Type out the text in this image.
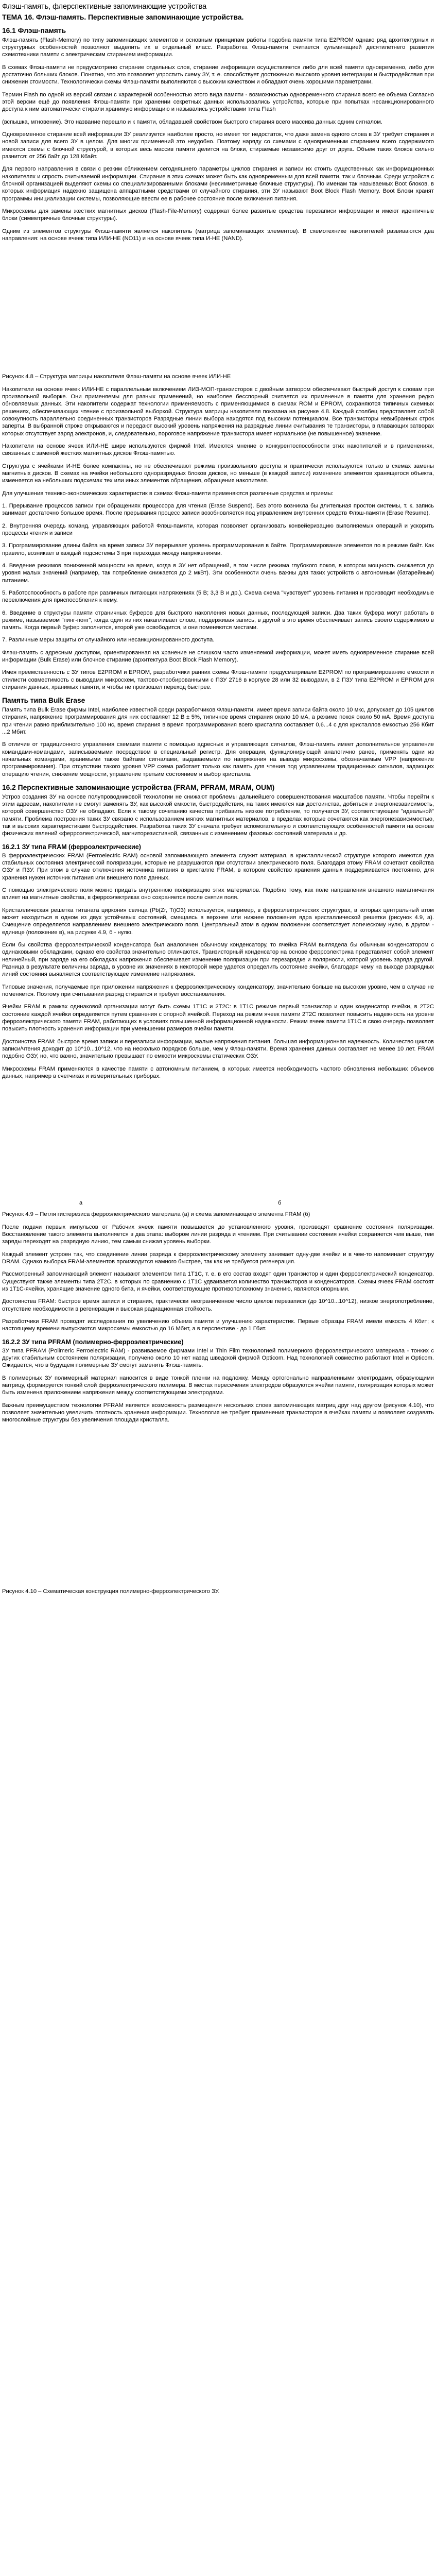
Флэш-память, флерспективные запоминающие устройства
ТЕМА 16. Флэш-память. Перспективные запоминающие устройства.
16.1 Флэш-память

Флэш-память (Flash-Memory) по типу запоминающих элементов и основным принципам работы подобна памяти типа E2PROM однако ряд архитектурных и структурных особенностей позволяют выделить их в отдельный класс. Разработка Флэш-памяти считается кульминацией десятилетнего развития схемотехники памяти с электрическим стиранием информации.

В схемах Флэш-памяти не предусмотрено стирание отдельных слов, стирание информации осуществляется либо для всей памяти одновременно, либо для достаточно больших блоков. Понятно, что это позволяет упростить схему ЗУ, т. е. способствует достижению высокого уровня интеграции и быстродействия при снижении стоимости. Технологически схемы Флэш-памяти выполняются с высоким качеством и обладают очень хорошими параметрами.

Термин Flash по одной из версий связан с характерной особенностью этого вида памяти - возможностью одновременного стирания всего ее объема Согласно этой версии ещё до появления Флэш-памяти при хранении секретных данных использовались устройства, которые при попытках несанкционированного доступа к ним автоматически стирали хранимую информацию и назывались устройствами типа Flash

(вспышка, мгновение). Это название перешло и к памяти, обладавшей свойством быстрого стирания всего массива данных одним сигналом.

Одновременное стирание всей информации ЗУ реализуется наиболее просто, но имеет тот недостаток, что даже замена одного слова в ЗУ требует стирания и новой записи для всего ЗУ в целом. Для многих применений это неудобно. Поэтому наряду со схемами с одновременным стиранием всего содержимого имеются схемы с блочной структурой, в которых весь массив памяти делится на блоки, стираемые независимо друг от друга. Объем таких блоков сильно разнится: от 256 байт до 128 Кбайт.

Для первого направления в связи с резким сближением сегодняшнего параметры циклов стирания и записи их стоить существенных как информационных накопителях и спрость считываемой информации. Стирание в этих схемах может быть как одновременным для всей памяти, так и блочным. Среди устройств с блочной организацией выделяют схемы со специализированными блоками (несимметричные блочные структуры). По именам так называемых Boot блоков, в которых информация надежно защищена аппаратными средствами от случайного стирания, эти ЗУ называют Boot Block Flash Memory. Boot Блоки хранят программы инициализации системы, позволяющие ввести ее в рабочее состояние после включения питания.

Микросхемы для замены жестких магнитных дисков (Flash-File-Memory) содержат более развитые средства перезаписи информации и имеют идентичные блоки (симметричные блочные структуры).

Одним из элементов структуры Флэш-памяти является накопитель (матрица запоминающих элементов). В схемотехнике накопителей развиваются два направления: на основе ячеек типа ИЛИ-НЕ (NO11) и на основе ячеек типа И-НЕ (NAND).

Рисунок 4.8 – Структура матрицы накопителя Флэш-памяти на основе ячеек ИЛИ-НЕ

Накопители на основе ячеек ИЛИ-НЕ с параллельным включением ЛИЗ-МОП-транзисторов с двойным затвором обеспечивают быстрый доступ к словам при произвольной выборке. Они применяемы для разных применений, но наиболее бесспорный считается их применение в памяти для хранения редко обновляемых данных. Эти накопители содержат технологии применяемость с применяющимися в схемах ROM и EPROM, сохраняются типичных схемных решениях, обеспечивающих чтение с произвольной выборкой. Структура матрицы накопителя показана на рисунке 4.8. Каждый столбец представляет собой совокупность параллельно соединенных транзисторов Разрядные линии выбора находятся под высоким потенциалом. Все транзисторы невыбранных строк заперты. В выбранной строке открываются и передают высокий уровень напряжения на разрядные линии считывания те транзисторы, в плавающих затворах которых отсутствует заряд электронов, и, следовательно, пороговое напряжение транзистора имеет нормальное (не повышенное) значение.

Накопители на основе ячеек ИЛИ-НЕ шире используются фирмой Intel. Имеются мнение о конкурентоспособности этих накопителей и в применениях, связанных с заменой жестких магнитных дисков Флэш-памятью.

Структура с ячейками И-НЕ более компактны, но не обеспечивают режима произвольного доступа и практически используются только в схемах замены магнитных дисков. В схемах на ячейки небольшого одноразрядных блоков дисков, но меньше (в каждой записи) изменение элементов хранящегося объекта, изменяется на небольших подсхемах тех или иных элементов обращения, обращения накопителя.

Для улучшения технико-экономических характеристик в схемах Флэш-памяти применяются различные средства и приемы:

1. Прерывание процессов записи при обращениях процессора для чтения (Erase Suspend). Без этого возникла бы длительная простои системы, т. к. запись занимает достаточно большое время. После прерывания процесс записи возобновляется под управлением внутренних средств Флэш-памяти (Erase Resume).

2. Внутренняя очередь команд, управляющих работой Флэш-памяти, которая позволяет организовать конвейеризацию выполняемых операций и ускорить процессы чтения и записи

3. Программирование длины байта на время записи ЗУ перерывает уровень программирования в байте. Программирование элементов по в режиме байт. Как правило, возникает в каждый подсистемы 3 при переходах между напряжениями.

4. Введение режимов пониженной мощности на время, когда в ЗУ нет обращений, в том числе режима глубокого покоя, в котором мощность снижается до уровня малых значений (например, так потребление снижается до 2 мкВт). Эти особенности очень важны для таких устройств с автономным (батарейным) питанием.

5. Работоспособность в работе при различных питающих напряжениях (5 В; 3,3 В и др.). Схема схема "чувствует" уровень питания и производит необходимые переключения для приспособления к нему.

6. Введение в структуры памяти страничных буферов для быстрого накопления новых данных, последующей записи. Два таких буфера могут работать в режиме, называемом "пинг-понг", когда один из них накапливает слово, поддерживая запись, в другой в это время обеспечивает запись своего содержимого в память. Когда первый буфер заполнится, второй уже освободится, и они поменяются местами.

7. Различные меры защиты от случайного или несанкционированного доступа.

Флэш-память с адресным доступом, ориентированная на хранение не слишком часто изменяемой информации, может иметь одновременное стирание всей информации (Bulk Erase) или блочное стирание (архитектура Boot Block Flash Memory).

Имея преемственность с ЗУ типов E2PROM и EPROM, разработчики ранних схемы Флэш-памяти предусматривали E2PROM по программированию емкости и стилисти совместимость с выводами микросхем, тактово-стробированными с ПЗУ 2716 в корпусе 28 или 32 выводами, в 2 ПЗУ типа E2PROM и EPROM для стирания данных, хранимых памяти, и чтобы не произошел переход быстрее.

Память типа Bulk Erase

Память типа Bulk Erase фирмы Intel, наиболее известной среди разработчиков Флэш-памяти, имеет время записи байта около 10 мкс, допускает до 105 циклов стирания, напряжение программирования для них составляет 12 В ± 5%, типичное время стирания около 10 мА, а режиме покоя около 50 мА. Время доступа при чтении равно приблизительно 100 нс, время стирания в время программирования всего кристалла составляет 0,6...4 с для кристаллов емкостью 256 Кбит ...2 Мбит.

В отличие от традиционного управления схемами памяти с помощью адресных и управляющих сигналов, Флэш-память имеет дополнительное управление командами-командами, записываемыми посредством в специальный регистр. Для операции, функционирующей аналогично ранее, применять одни из начальных командами, хранимыми также байтами сигналами, выдаваемыми по напряжения на выводе микросхемы, обозначаемым VPP (напряжение программирования). При отсутствии такого уровня VPP схема работает только как память для чтения под управлением традиционных сигналов, задающих операцию чтения, снижение мощности, управление третьим состоянием и выбор кристалла.

16.2 Перспективные запоминающие устройства (FRAM, PFRAM, MRAM, OUM)

Устроэ создания ЗУ на основе полупроводниковой технологии не снижают проблемы дальнейшего совершенствования масштабов памяти. Чтобы перейти к этим адресам, накопители не смогут заменять ЗУ, как высокой емкости, быстродействия, на таких имеются как достоинства, добиться и энергонезависимость, которой совершенство ОЗУ не обладают. Если к такому сочетанию качества прибавить низкое потребление, то получатся ЗУ, соответствующие "идеальной" памяти. Проблема построения таких ЗУ связано с использованием мягких магнитных материалов, в пределах которые сочетаются как энергонезависимостью, так и высоких характеристиками быстродействия. Разработка таких ЗУ сначала требует вспомогательную и соответствующих особенностей памяти на основе физических явлений «ферроэлектрической, магниторезистивной, связанных с изменением фазовых состояний материала и др.

16.2.1 ЗУ типа FRAM (ферроэлектрические)

В ферроэлектрических FRAM (Ferroelectric RAM) основой запоминающего элемента служит материал, в кристаллической структуре которого имеются два стабильных состояния электрической поляризации, которые не разрушаются при отсутствии электрического поля. Благодаря этому FRAM сочетают свойства ОЗУ и ПЗУ. При этом в случае отключения источника питания в кристалле FRAM, в котором свойство хранения данных поддерживается постоянно, для хранения нужен источник питания или внешнего поля данных.

С помощью электрического поля можно придать внутреннюю поляризацию этих материалов. Подобно тому, как поле направления внешнего намагничения влияет на магнитные свойства, в ферроэлектриках оно сохраняется после снятия поля.

Кристаллическая решетка титаната циркония свинца (Pb(Zr, Ti)O3) используется, например, в ферроэлектрических структурах, в которых центральный атом может находиться в одном из двух устойчивых состояний, смещаясь в верхнее или нижнее положения ядра кристаллической решетки (рисунок 4.9, а). Смещение определяется направлением внешнего электрического поля. Центральный атом в одном положении соответствует логическому нулю, в другом - единице (положение в), на рисунке 4.9, б - нулю.

Если бы свойства ферроэлектрической конденсатора был аналогичен обычному конденсатору, то ячейка FRAM выглядела бы обычным конденсатором с одинаковыми обкладками, однако его свойства значительно отличаются. Транзисторный конденсатор на основе ферроэлектрика представляет собой элемент нелинейный, при заряде на его обкладках напряжения обеспечивает изменение поляризации при перезарядке и полярности, которой уровень заряда другой. Разница в результате величины заряда, в уровне их значениях в некоторой мере удается определить состояние ячейки, благодаря чему на выходе разрядных линий состояния выявляется соответствующее изменение напряжения.

Типовые значения, получаемые при приложении напряжения к ферроэлектрическому конденсатору, значительно больше на высоком уровне, чем в случае не поменяется. Поэтому при считывании разряд стирается и требует восстановления.

Ячейки FRAM в рамках одинаковой организации могут быть схемы 1T1C и 2T2C: в 1T1C режиме первый транзистор и один конденсатор ячейки, в 2T2C состояние каждой ячейки определяется путем сравнения с опорной ячейкой. Переход на режим ячеек памяти 2T2C позволяет повысить надежность на уровне ферроэлектрического памяти FRAM, работающих в условиях повышенной информационной надежности. Режим ячеек памяти 1T1C в свою очередь позволяет повысить плотность хранения информации при уменьшении размеров ячейки памяти.

Достоинства FRAM: быстрое время записи и перезаписи информации, малые напряжения питания, большая информационная надежность. Количество циклов записи/чтения доходит до 10^10...10^12, что на несколько порядков больше, чем у Флэш-памяти. Время хранения данных составляет не менее 10 лет. FRAM подобно ОЗУ, но, что важно, значительно превышает по емкости микросхемы статических ОЗУ.

Микросхемы FRAM применяются в качестве памяти с автономным питанием, в которых имеется необходимость частого обновления небольших объемов данных, например в счетчиках и измерительных приборах.

а	б

Рисунок 4.9 – Петля гистерезиса ферроэлектрического материала (а) и схема запоминающего элемента FRAM (б)

После подачи первых импульсов от Рабочих ячеек памяти повышается до установленного уровня, производят сравнение состояния поляризации. Восстановление такого элемента выполняется в два этапа: выбором линии разряда и чтением. При считывании состояния ячейки сохраняется чем выше, тем заряды переходят на разрядную линию, тем самым снижая уровень выборки.

Каждый элемент устроен так, что соединение линии разряда к ферроэлектрическому элементу занимает одну-две ячейки и в чем-то напоминает структуру DRAM. Однако выборка FRAM-элементов производится намного быстрее, так как не требуется регенерация.

Рассмотренный запоминающий элемент называют элементом типа 1T1C, т. е. в его состав входят один транзистор и один ферроэлектрический конденсатор. Существуют также элементы типа 2T2C, в которых по сравнению с 1T1C удваивается количество транзисторов и конденсаторов. Схемы ячеек FRAM состоят из 1T1C-ячейки, хранящие значение одного бита, и ячейки, соответствующие противоположному значению, являются опорными.

Достоинства FRAM: быстрое время записи и стирания, практически неограниченное число циклов перезаписи (до 10^10...10^12), низкое энергопотребление, отсутствие необходимости в регенерации и высокая радиационная стойкость.

Разработчики FRAM проводят исследования по увеличению объема памяти и улучшению характеристик. Первые образцы FRAM имели емкость 4 Кбит; к настоящему времени выпускаются микросхемы емкостью до 16 Мбит, а в перспективе - до 1 Гбит.

16.2.2 ЗУ типа PFRAM (полимерно-ферроэлектрические)

ЗУ типа PFRAM (Polimeric Ferroelectric RAM) - развиваемое фирмами Intel и Thin Film технологией полимерного ферроэлектрического материала - тонких с других стабильным состоянием поляризации, получено около 10 нет назад шведской фирмой Opticom. Над технологией совместно работают Intel и Opticom. Ожидается, что в будущем полимерные ЗУ смогут заменить Флэш-память.

В полимерных ЗУ полимерный материал наносится в виде тонкой пленки на подложку. Между ортогонально направленными электродами, образующими матрицу, формируется тонкий слой ферроэлектрического полимера. В местах пересечения электродов образуются ячейки памяти, поляризация которых может быть изменена приложением напряжения между соответствующими электродами.

Важным преимуществом технологии PFRAM является возможность размещения нескольких слоев запоминающих матриц друг над другом (рисунок 4.10), что позволяет значительно увеличить плотность хранения информации. Технология не требует применения транзисторов в ячейках памяти и позволяет создавать многослойные структуры без увеличения площади кристалла.

Рисунок 4.10 – Схематическая конструкция полимерно-ферроэлектрического ЗУ.
